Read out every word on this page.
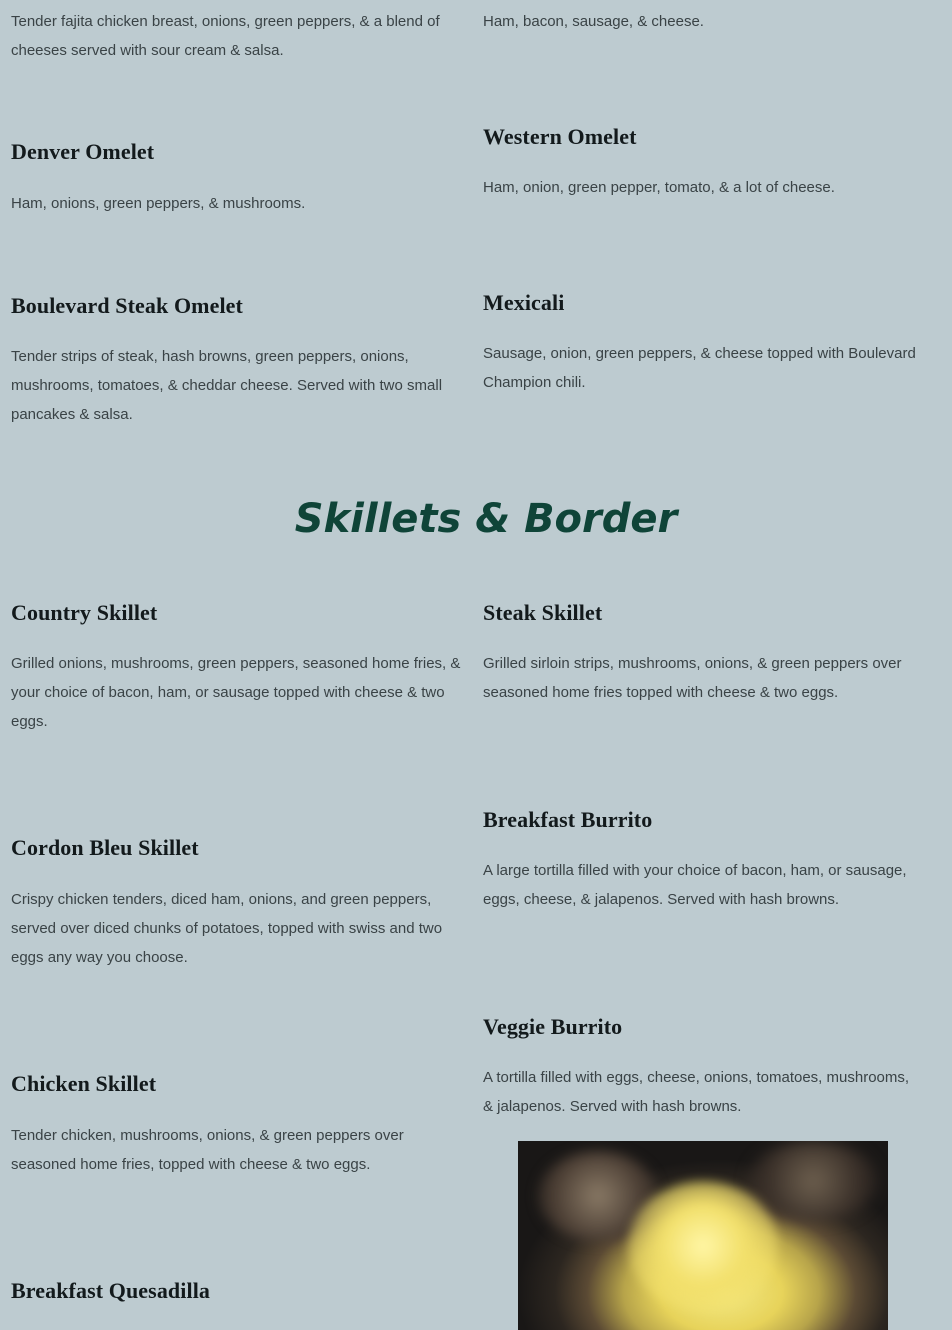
Tender fajita chicken breast, onions, green peppers, & a blend of cheeses served with sour cream & salsa.

Ham, bacon, sausage, & cheese.

Denver Omelet

Ham, onions, green peppers, & mushrooms.

Western Omelet

Ham, onion, green pepper, tomato, & a lot of cheese.

Boulevard Steak Omelet

Tender strips of steak, hash browns, green peppers, onions, mushrooms, tomatoes, & cheddar cheese. Served with two small pancakes & salsa.

Mexicali

Sausage, onion, green peppers, & cheese topped with Boulevard Champion chili.

Skillets & Border
Country Skillet

Grilled onions, mushrooms, green peppers, seasoned home fries, & your choice of bacon, ham, or sausage topped with cheese & two eggs.

Steak Skillet

Grilled sirloin strips, mushrooms, onions, & green peppers over seasoned home fries topped with cheese & two eggs.

Breakfast Burrito

A large tortilla filled with your choice of bacon, ham, or sausage, eggs, cheese, & jalapenos. Served with hash browns.

Cordon Bleu Skillet

Crispy chicken tenders, diced ham, onions, and green peppers, served over diced chunks of potatoes, topped with swiss and two eggs any way you choose.

Veggie Burrito

A tortilla filled with eggs, cheese, onions, tomatoes, mushrooms, & jalapenos. Served with hash browns.

Chicken Skillet

Tender chicken, mushrooms, onions, & green peppers over seasoned home fries, topped with cheese & two eggs.

Breakfast Quesadilla
